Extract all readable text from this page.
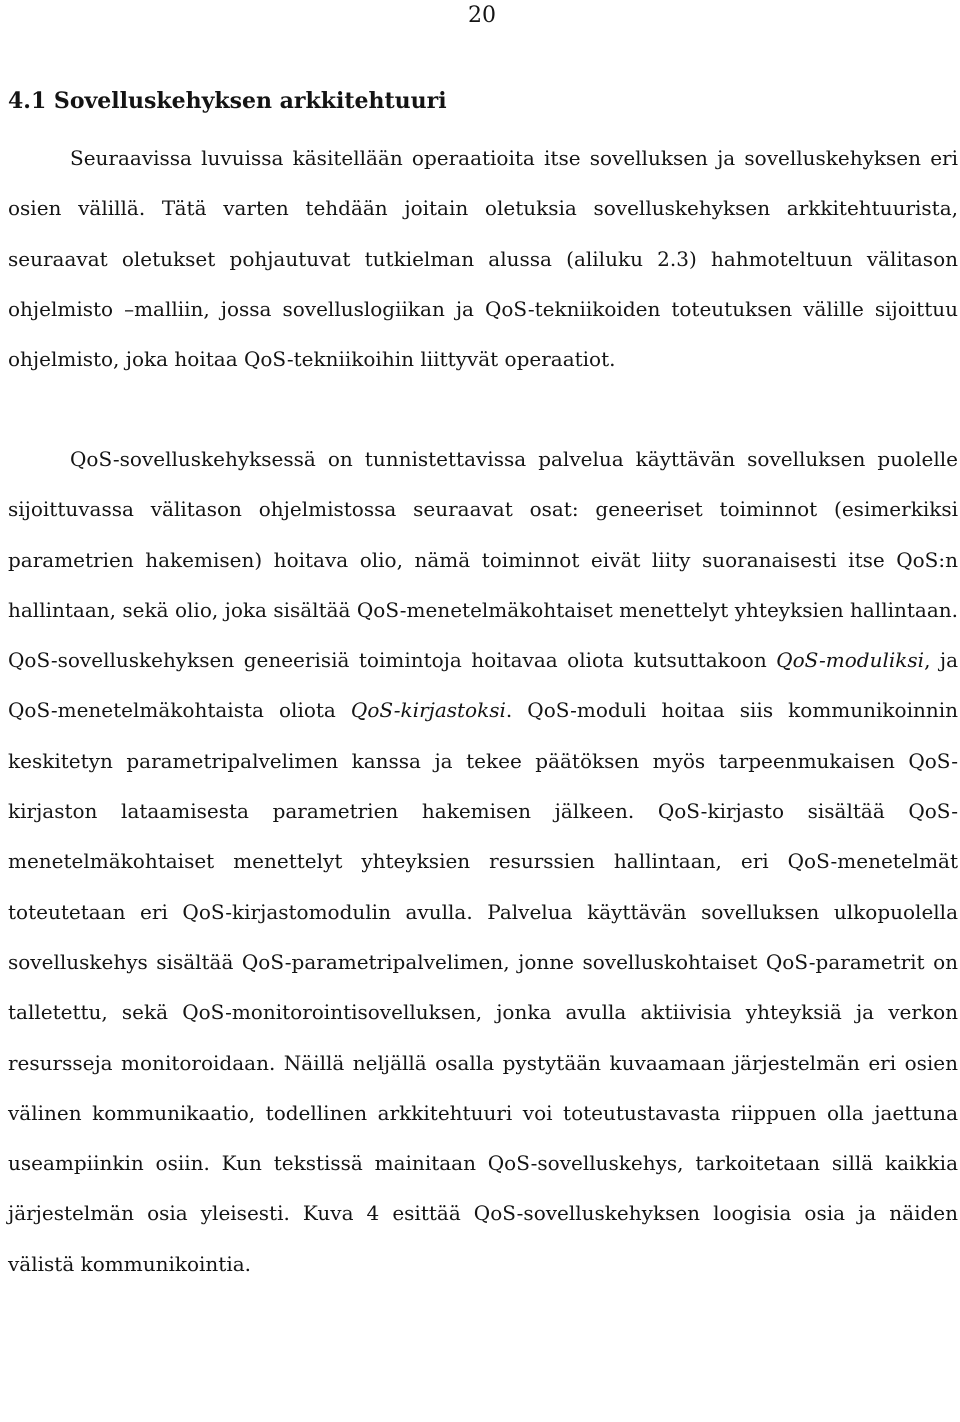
20
4.1 Sovelluskehyksen arkkitehtuuri

Seuraavissa luvuissa käsitellään operaatioita itse sovelluksen ja sovelluskehyksen eri osien välillä. Tätä varten tehdään joitain oletuksia sovelluskehyksen arkkitehtuurista, seuraavat oletukset pohjautuvat tutkielman alussa (aliluku 2.3) hahmoteltuun välitason ohjelmisto –malliin, jossa sovelluslogiikan ja QoS-tekniikoiden toteutuksen välille sijoittuu ohjelmisto, joka hoitaa QoS-tekniikoihin liittyvät operaatiot.

QoS-sovelluskehyksessä on tunnistettavissa palvelua käyttävän sovelluksen puolelle sijoittuvassa välitason ohjelmistossa seuraavat osat: geneeriset toiminnot (esimerkiksi parametrien hakemisen) hoitava olio, nämä toiminnot eivät liity suoranaisesti itse QoS:n hallintaan, sekä olio, joka sisältää QoS-menetelmäkohtaiset menettelyt yhteyksien hallintaan. QoS-sovelluskehyksen geneerisiä toimintoja hoitavaa oliota kutsuttakoon QoS-moduliksi, ja QoS-menetelmäkohtaista oliota QoS-kirjastoksi. QoS-moduli hoitaa siis kommunikoinnin keskitetyn parametripalvelimen kanssa ja tekee päätöksen myös tarpeenmukaisen QoS-kirjaston lataamisesta parametrien hakemisen jälkeen. QoS-kirjasto sisältää QoS-menetelmäkohtaiset menettelyt yhteyksien resurssien hallintaan, eri QoS-menetelmät toteutetaan eri QoS-kirjastomodulin avulla. Palvelua käyttävän sovelluksen ulkopuolella sovelluskehys sisältää QoS-parametripalvelimen, jonne sovelluskohtaiset QoS-parametrit on talletettu, sekä QoS-monitorointisovelluksen, jonka avulla aktiivisia yhteyksiä ja verkon resursseja monitoroidaan. Näillä neljällä osalla pystytään kuvaamaan järjestelmän eri osien välinen kommunikaatio, todellinen arkkitehtuuri voi toteutustavasta riippuen olla jaettuna useampiinkin osiin. Kun tekstissä mainitaan QoS-sovelluskehys, tarkoitetaan sillä kaikkia järjestelmän osia yleisesti. Kuva 4 esittää QoS-sovelluskehyksen loogisia osia ja näiden välistä kommunikointia.
